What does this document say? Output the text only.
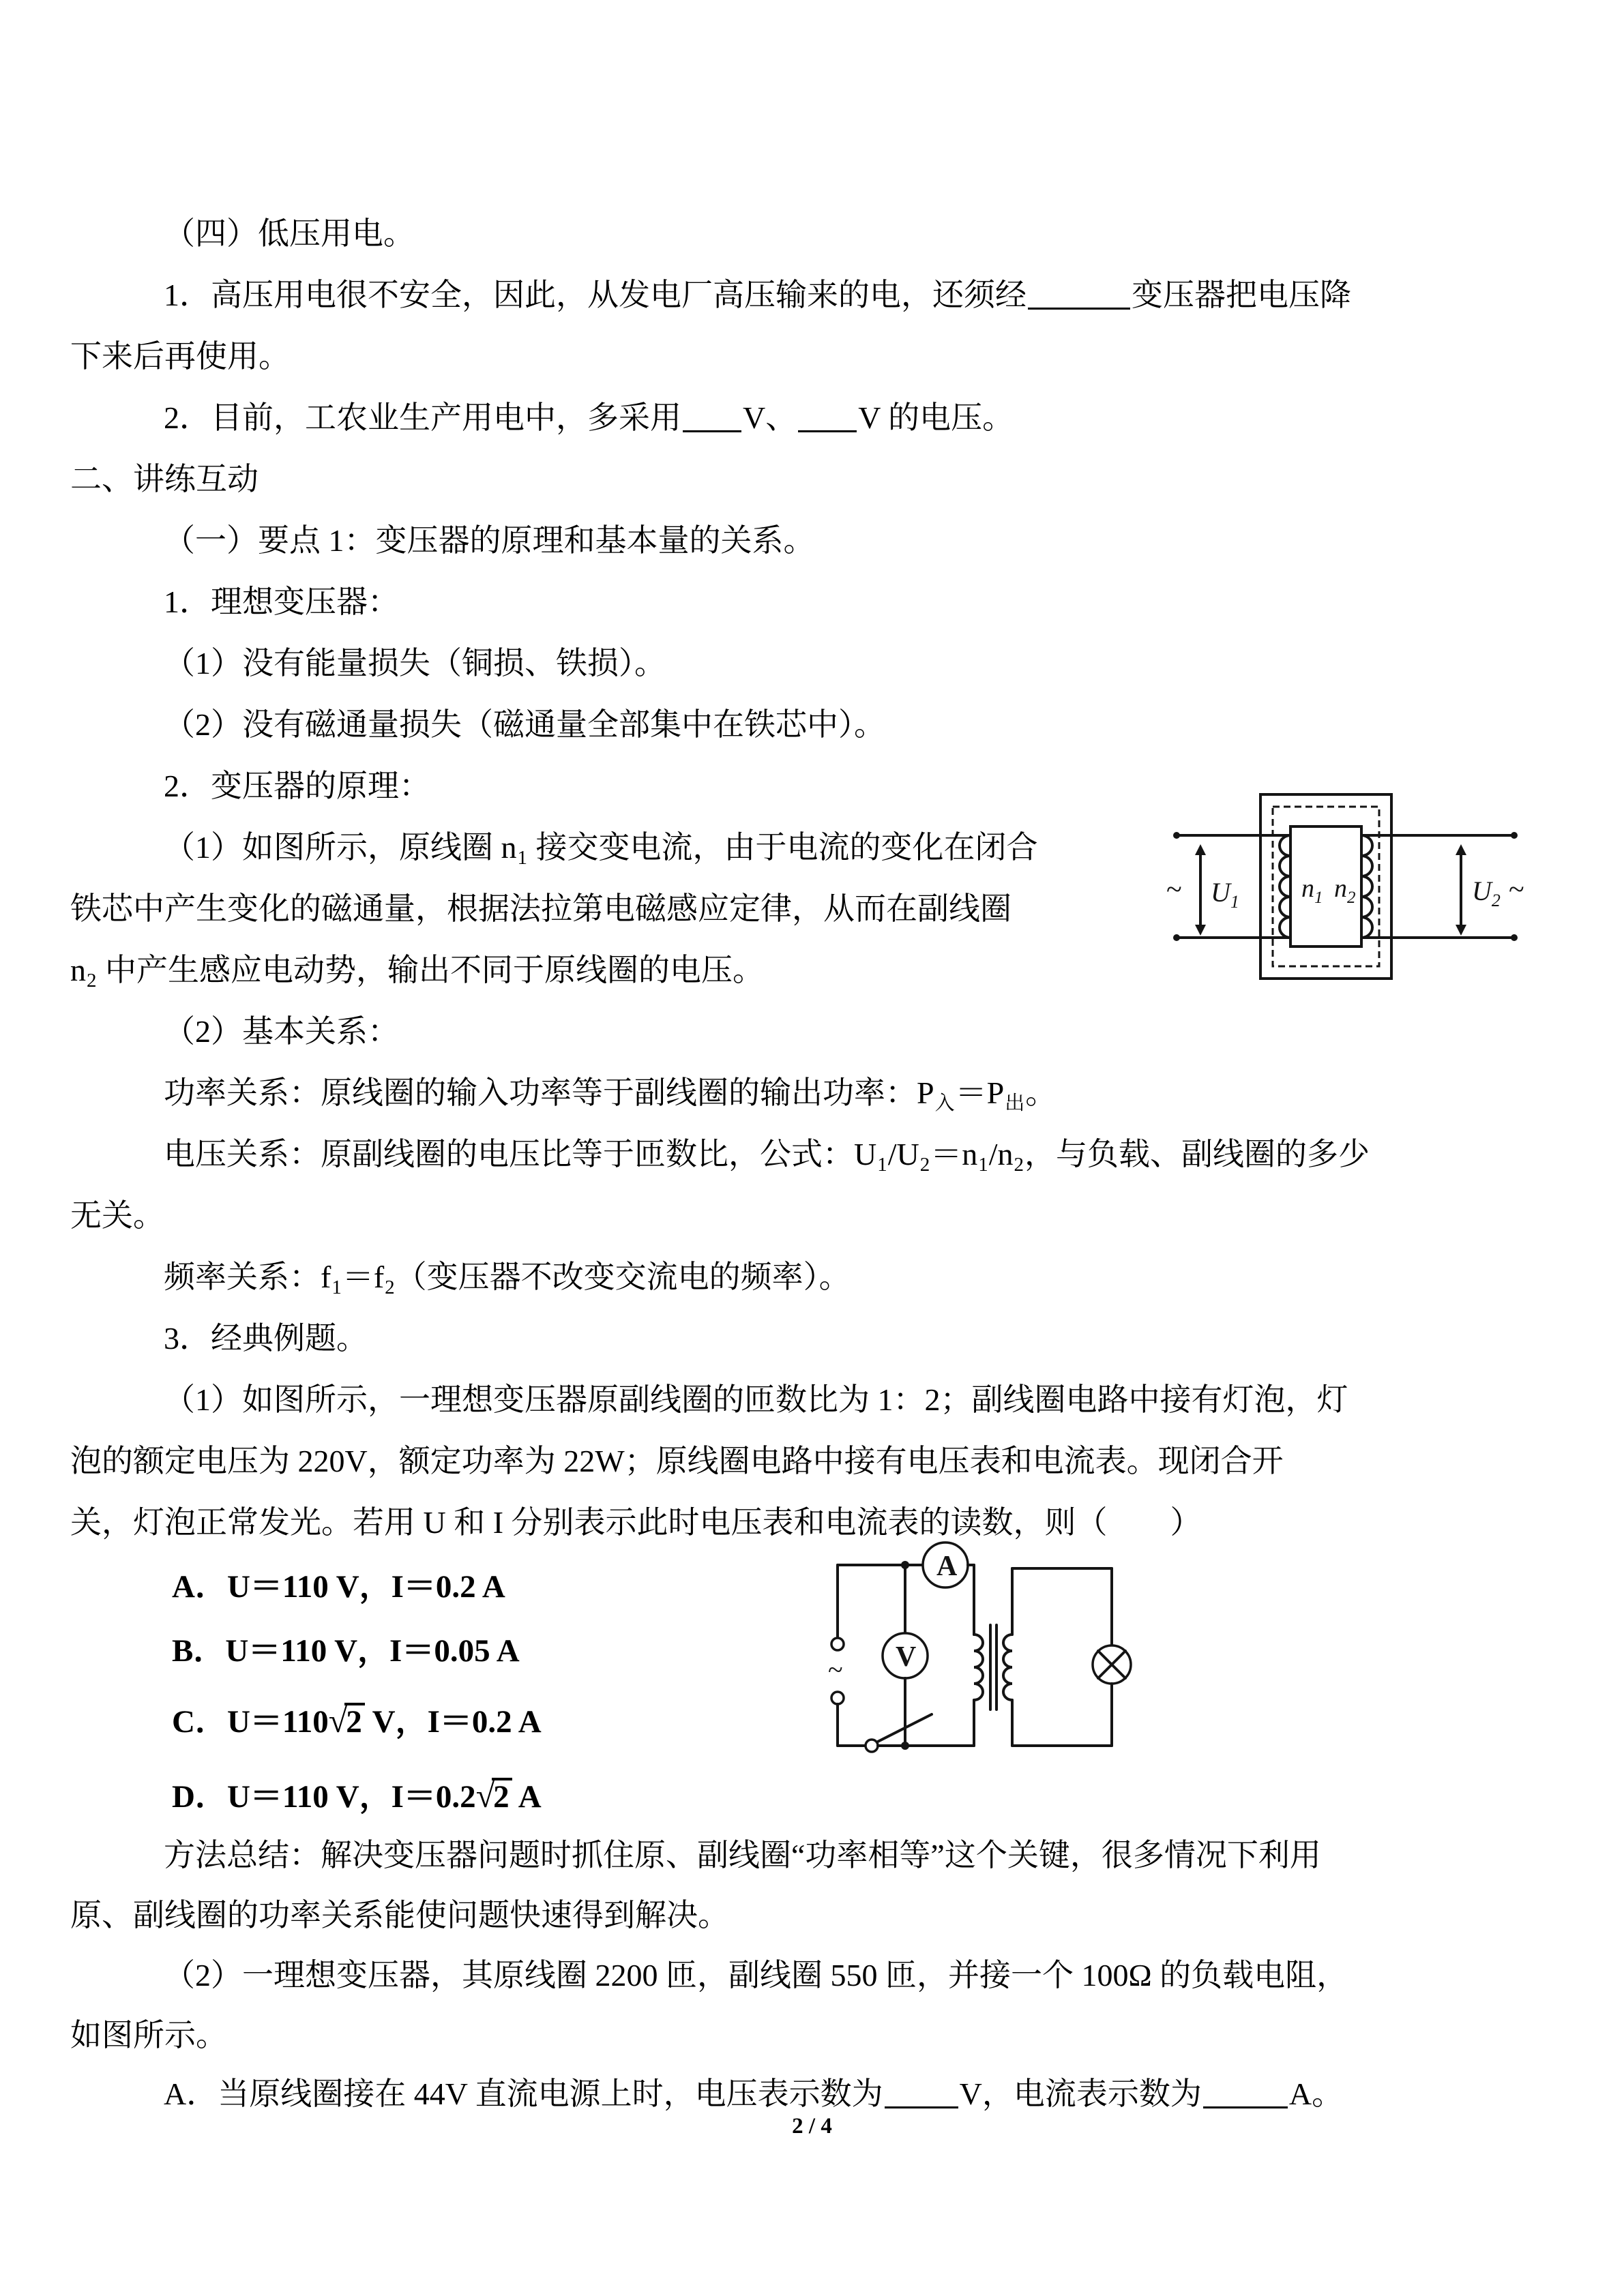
（四）低压用电。
1．高压用电很不安全，因此，从发电厂高压输来的电，还须经	变压器把电压降
下来后再使用。
2．目前，工农业生产用电中，多采用 V、 V 的电压。
二、讲练互动
（一）要点 1：变压器的原理和基本量的关系。
1．理想变压器：
（1）没有能量损失（铜损、铁损）。
（2）没有磁通量损失（磁通量全部集中在铁芯中）。
2．变压器的原理：
（1）如图所示，原线圈 $n_1$ 接交变电流，由于电流的变化在闭合
铁芯中产生变化的磁通量，根据法拉第电磁感应定律，从而在副线圈
$n_2$ 中产生感应电动势，输出不同于原线圈的电压。
（2）基本关系：
功率关系：原线圈的输入功率等于副线圈的输出功率：$P_入=P_出$。
电压关系：原副线圈的电压比等于匝数比，公式：$U_1/U_2=n_1/n_2$，与负载、副线圈的多少
无关。
频率关系：$f_1=f_2$（变压器不改变交流电的频率）。
3．经典例题。
（1）如图所示，一理想变压器原副线圈的匝数比为 1：2；副线圈电路中接有灯泡，灯
泡的额定电压为 220V，额定功率为 22W；原线圈电路中接有电压表和电流表。现闭合开
关，灯泡正常发光。若用 U 和 I 分别表示此时电压表和电流表的读数，则（　　）
A．U＝110 V，I＝0.2 A
B．U＝110 V，I＝0.05 A
C．U＝110√2 V，I＝0.2 A
D．U＝110 V，I＝0.2√2 A
方法总结：解决变压器问题时抓住原、副线圈“功率相等”这个关键，很多情况下利用
原、副线圈的功率关系能使问题快速得到解决。
（2）一理想变压器，其原线圈 2200 匝，副线圈 550 匝，并接一个 100Ω 的负载电阻，
如图所示。
A．当原线圈接在 44V 直流电源上时，电压表示数为 V，电流表示数为	A。
~ $U_1$ $n_1$ $n_2$	$U_2$ ~
~
A
V
2 / 4
